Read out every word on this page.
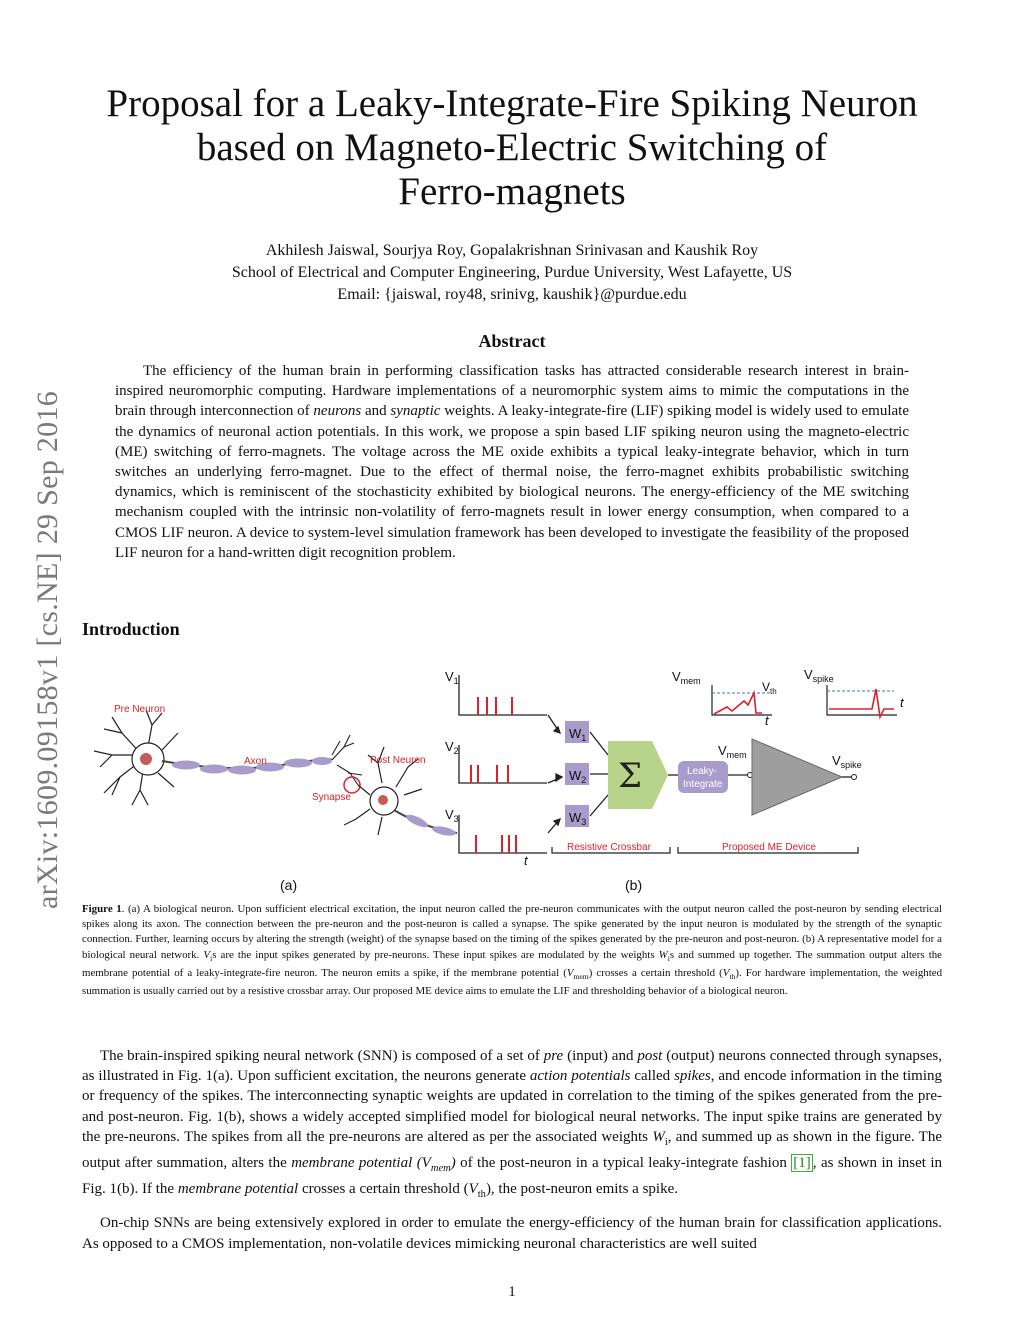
arXiv:1609.09158v1 [cs.NE] 29 Sep 2016
Proposal for a Leaky-Integrate-Fire Spiking Neuron
based on Magneto-Electric Switching of
Ferro-magnets
Akhilesh Jaiswal, Sourjya Roy, Gopalakrishnan Srinivasan and Kaushik Roy
School of Electrical and Computer Engineering, Purdue University, West Lafayette, US
Email: {jaiswal, roy48, srinivg, kaushik}@purdue.edu
Abstract

The efficiency of the human brain in performing classification tasks has attracted considerable research interest in brain-inspired neuromorphic computing. Hardware implementations of a neuromorphic system aims to mimic the computations in the brain through interconnection of neurons and synaptic weights. A leaky-integrate-fire (LIF) spiking model is widely used to emulate the dynamics of neuronal action potentials. In this work, we propose a spin based LIF spiking neuron using the magneto-electric (ME) switching of ferro-magnets. The voltage across the ME oxide exhibits a typical leaky-integrate behavior, which in turn switches an underlying ferro-magnet. Due to the effect of thermal noise, the ferro-magnet exhibits probabilistic switching dynamics, which is reminiscent of the stochasticity exhibited by biological neurons. The energy-efficiency of the ME switching mechanism coupled with the intrinsic non-volatility of ferro-magnets result in lower energy consumption, when compared to a CMOS LIF neuron. A device to system-level simulation framework has been developed to investigate the feasibility of the proposed LIF neuron for a hand-written digit recognition problem.

Introduction
Pre Neuron
Axon	Post Neuron
Synapse
(a)
$V_1$
$V_2$
$V_3$
t
$W_1$
$W_2$
$W_3$
Σ	Leaky-
Integrate
$V_{mem}$	$V_{spike}$
$V_{mem}$	$V_{th}$
t
$V_{spike}$
t
Resistive Crossbar	Proposed ME Device
(b)

Figure 1. (a) A biological neuron. Upon sufficient electrical excitation, the input neuron called the pre-neuron communicates with the output neuron called the post-neuron by sending electrical spikes along its axon. The connection between the pre-neuron and the post-neuron is called a synapse. The spike generated by the input neuron is modulated by the strength of the synaptic connection. Further, learning occurs by altering the strength (weight) of the synapse based on the timing of the spikes generated by the pre-neuron and post-neuron. (b) A representative model for a biological neural network. $V_is$ are the input spikes generated by pre-neurons. These input spikes are modulated by the weights $W_is$ and summed up together. The summation output alters the membrane potential of a leaky-integrate-fire neuron. The neuron emits a spike, if the membrane potential $(V_{mem})$ crosses a certain threshold $(V_{th})$. For hardware implementation, the weighted summation is usually carried out by a resistive crossbar array. Our proposed ME device aims to emulate the LIF and thresholding behavior of a biological neuron.

The brain-inspired spiking neural network (SNN) is composed of a set of pre (input) and post (output) neurons connected through synapses, as illustrated in Fig. 1(a). Upon sufficient excitation, the neurons generate action potentials called spikes, and encode information in the timing or frequency of the spikes. The interconnecting synaptic weights are updated in correlation to the timing of the spikes generated from the pre- and post-neuron. Fig. 1(b), shows a widely accepted simplified model for biological neural networks. The input spike trains are generated by the pre-neurons. The spikes from all the pre-neurons are altered as per the associated weights $W_i$, and summed up as shown in the figure. The output after summation, alters the membrane potential $(V_{mem})$ of the post-neuron in a typical leaky-integrate fashion [1] , as shown in inset in Fig. 1(b). If the membrane potential crosses a certain threshold $(V_{th})$, the post-neuron emits a spike.

On-chip SNNs are being extensively explored in order to emulate the energy-efficiency of the human brain for classification applications. As opposed to a CMOS implementation, non-volatile devices mimicking neuronal characteristics are well suited

1
